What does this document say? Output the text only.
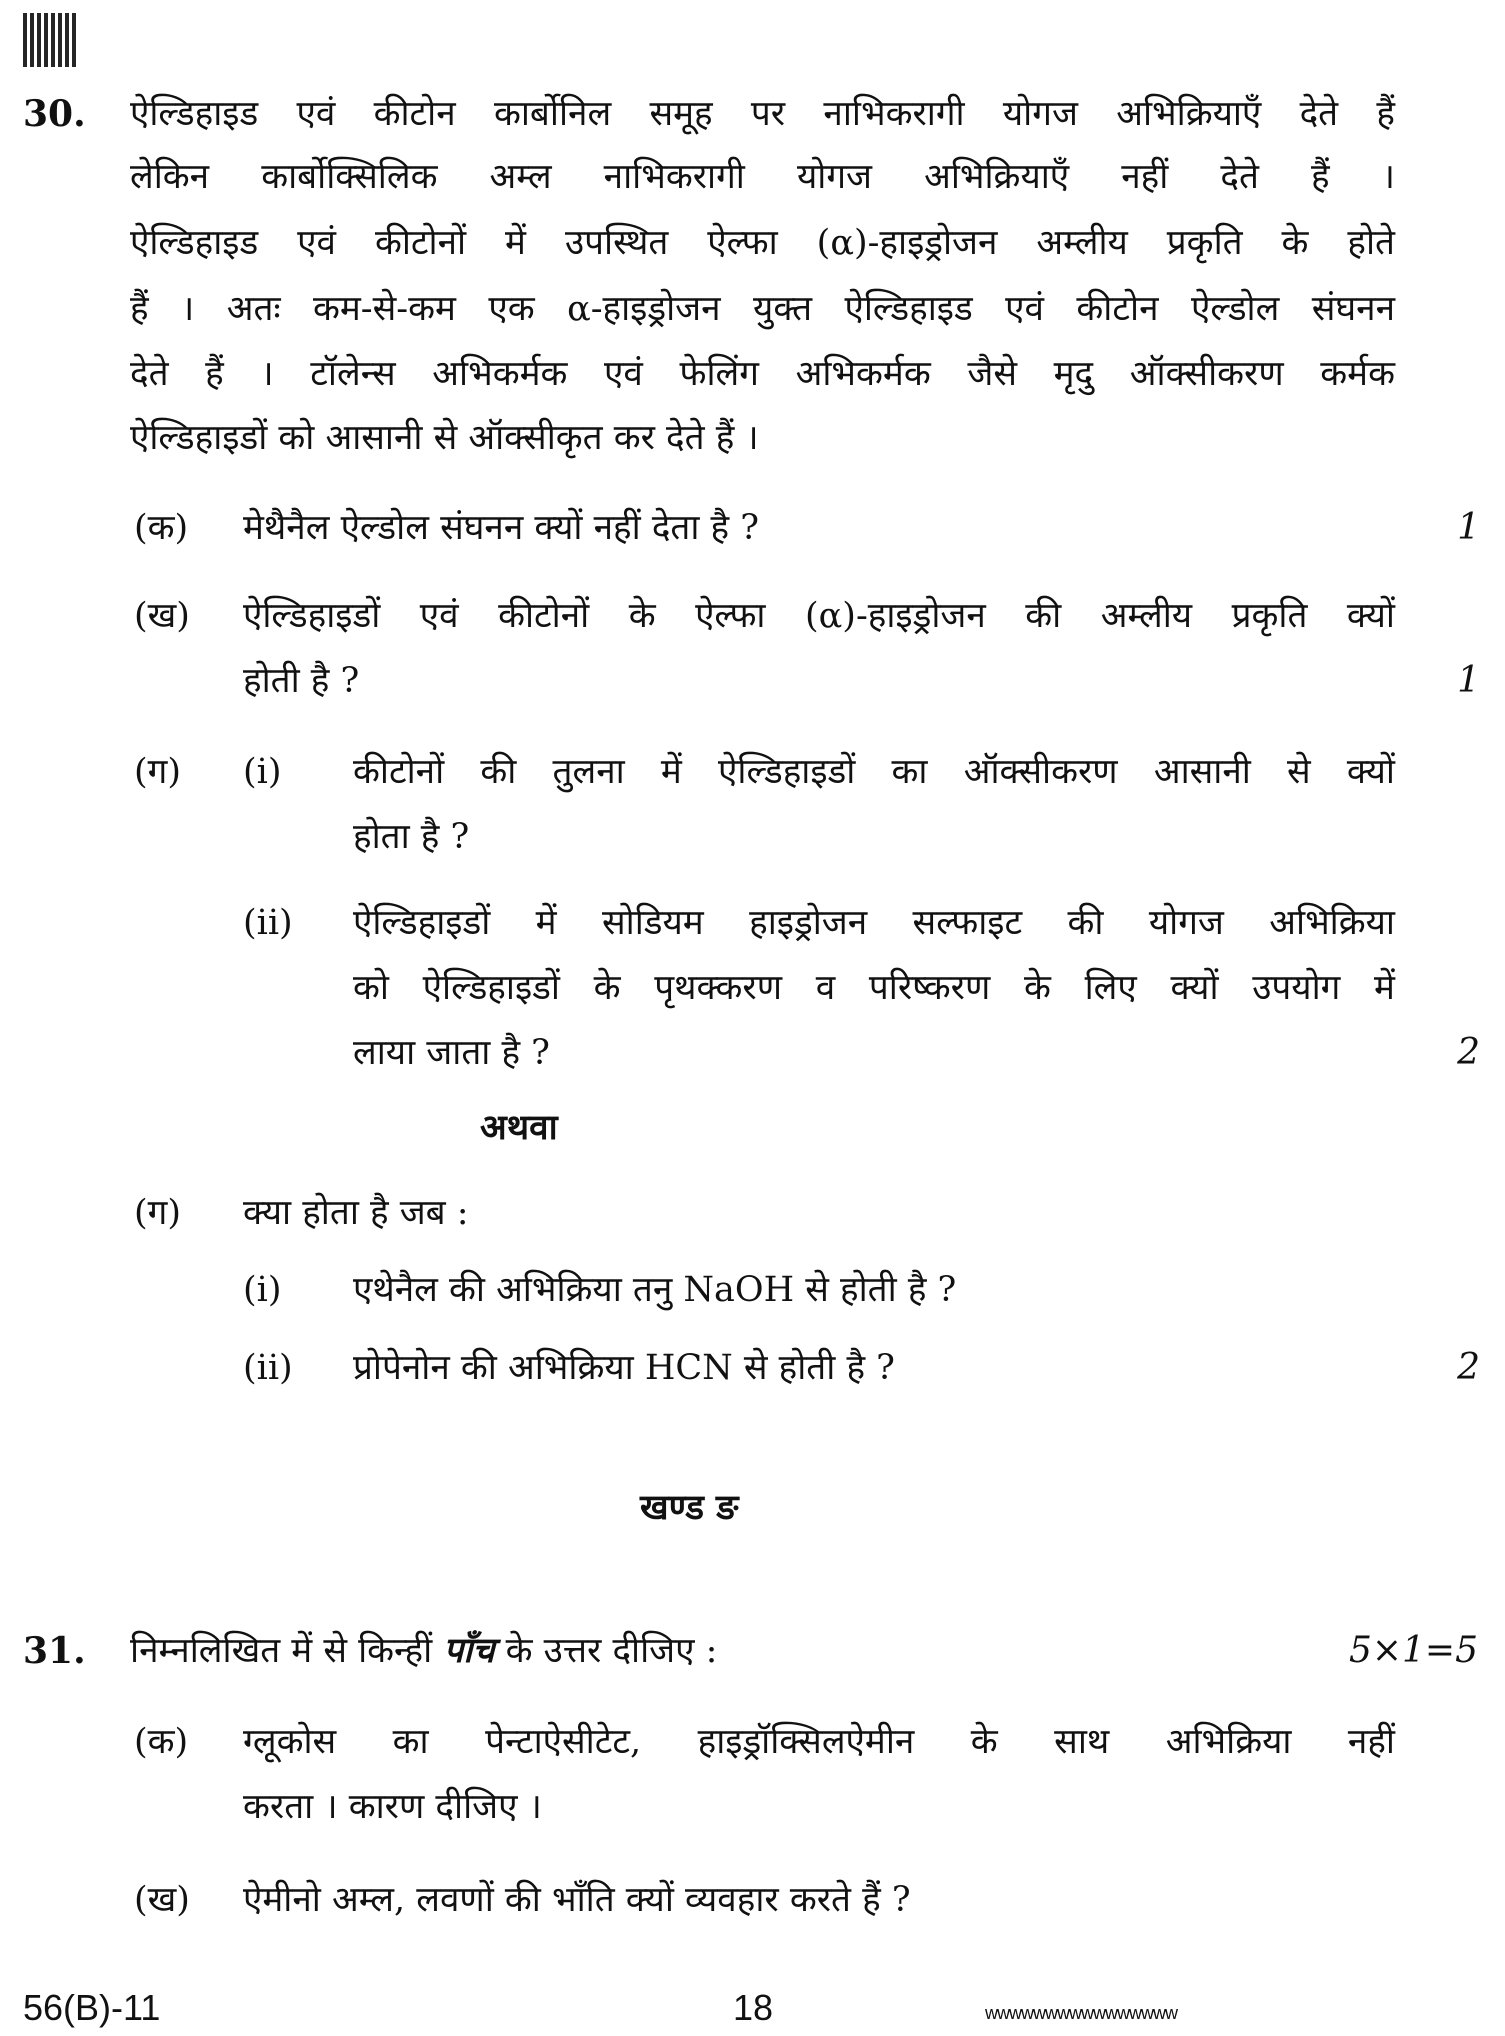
30. ऐल्डिहाइड एवं कीटोन कार्बोनिल समूह पर नाभिकरागी योगज अभिक्रियाएँ देते हैं
लेकिन कार्बोक्सिलिक अम्ल नाभिकरागी योगज अभिक्रियाएँ नहीं देते हैं ।
ऐल्डिहाइड एवं कीटोनों में उपस्थित ऐल्फा (α)-हाइड्रोजन अम्लीय प्रकृति के होते
हैं । अतः कम-से-कम एक α-हाइड्रोजन युक्त ऐल्डिहाइड एवं कीटोन ऐल्डोल संघनन
देते हैं । टॉलेन्स अभिकर्मक एवं फेलिंग अभिकर्मक जैसे मृदु ऑक्सीकरण कर्मक
ऐल्डिहाइडों को आसानी से ऑक्सीकृत कर देते हैं ।
(क) मेथैनैल ऐल्डोल संघनन क्यों नहीं देता है ?	1
(ख) ऐल्डिहाइडों एवं कीटोनों के ऐल्फा (α)-हाइड्रोजन की अम्लीय प्रकृति क्यों
होती है ?	1
(ग) (i) कीटोनों की तुलना में ऐल्डिहाइडों का ऑक्सीकरण आसानी से क्यों
होता है ?
(ii) ऐल्डिहाइडों में सोडियम हाइड्रोजन सल्फाइट की योगज अभिक्रिया
को ऐल्डिहाइडों के पृथक्करण व परिष्करण के लिए क्यों उपयोग में
लाया जाता है ?	2
अथवा
(ग) क्या होता है जब :
(i) एथेनैल की अभिक्रिया तनु NaOH से होती है ?
(ii) प्रोपेनोन की अभिक्रिया HCN से होती है ?	2
खण्ड ङ
31. निम्नलिखित में से किन्हीं पाँच के उत्तर दीजिए :	5×1=5
(क) ग्लूकोस का पेन्टाऐसीटेट, हाइड्रॉक्सिलऐमीन के साथ अभिक्रिया नहीं
करता । कारण दीजिए ।
(ख) ऐमीनो अम्ल, लवणों की भाँति क्यों व्यवहार करते हैं ?
56(B)-11	18	wwwwwwwwwwwwwwww
